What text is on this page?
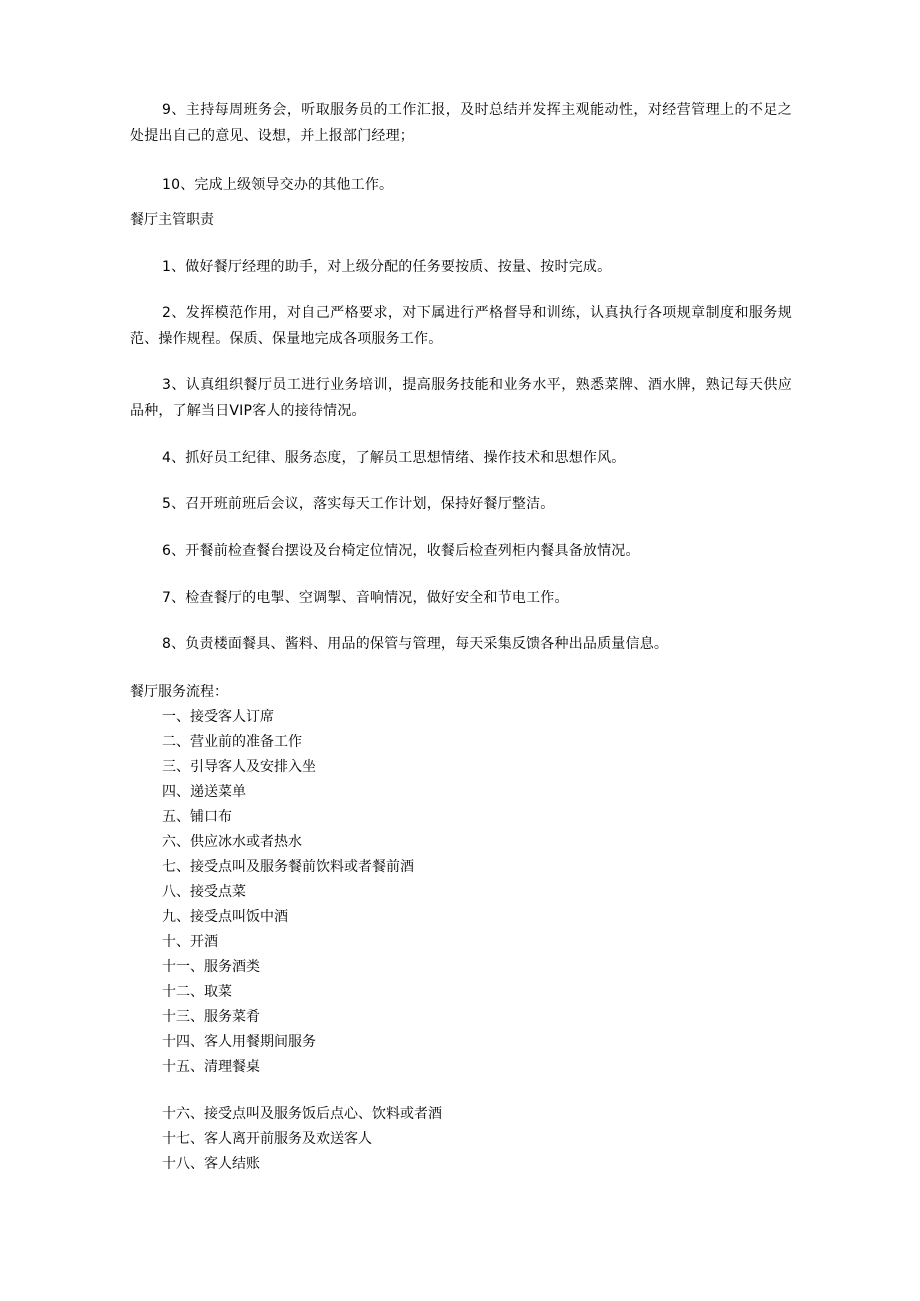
9、主持每周班务会，听取服务员的工作汇报，及时总结并发挥主观能动性，对经营管理上的不足之处提出自己的意见、设想，并上报部门经理；

10、完成上级领导交办的其他工作。

餐厅主管职责

1、做好餐厅经理的助手，对上级分配的任务要按质、按量、按时完成。

2、发挥模范作用，对自己严格要求，对下属进行严格督导和训练，认真执行各项规章制度和服务规范、操作规程。保质、保量地完成各项服务工作。

3、认真组织餐厅员工进行业务培训，提高服务技能和业务水平，熟悉菜牌、酒水牌，熟记每天供应品种，了解当日VIP客人的接待情况。

4、抓好员工纪律、服务态度，了解员工思想情绪、操作技术和思想作风。

5、召开班前班后会议，落实每天工作计划，保持好餐厅整洁。

6、开餐前检查餐台摆设及台椅定位情况，收餐后检查列柜内餐具备放情况。

7、检查餐厅的电掣、空调掣、音响情况，做好安全和节电工作。

8、负责楼面餐具、酱料、用品的保管与管理，每天采集反馈各种出品质量信息。

餐厅服务流程：

一、接受客人订席

二、营业前的准备工作

三、引导客人及安排入坐

四、递送菜单

五、铺口布

六、供应冰水或者热水

七、接受点叫及服务餐前饮料或者餐前酒

八、接受点菜

九、接受点叫饭中酒

十、开酒

十一、服务酒类

十二、取菜

十三、服务菜肴

十四、客人用餐期间服务

十五、清理餐桌

十六、接受点叫及服务饭后点心、饮料或者酒

十七、客人离开前服务及欢送客人

十八、客人结账
